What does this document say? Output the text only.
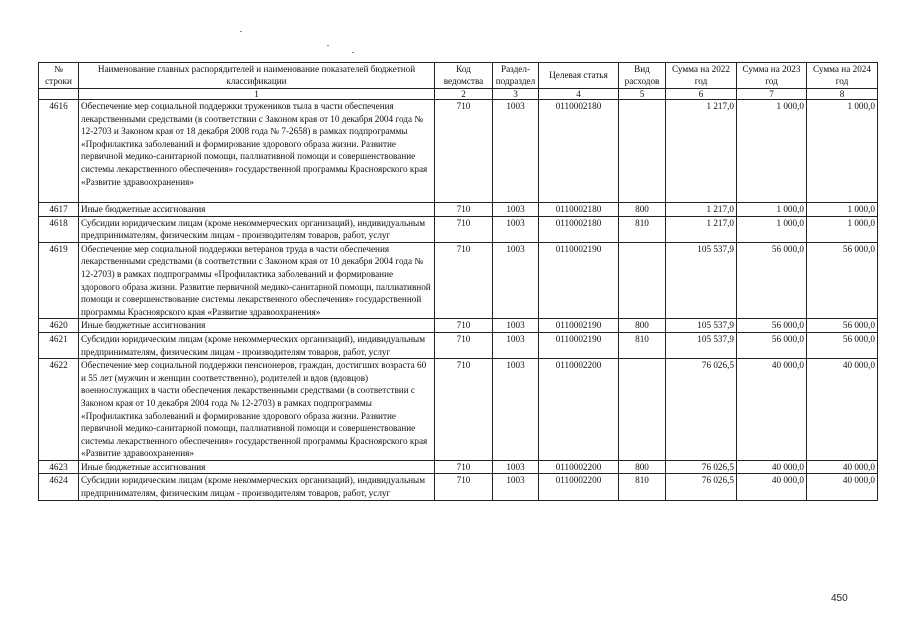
№ строки	Наименование главных распорядителей и наименование показателей бюджетной классификации	Код ведомства	Раздел-подраздел	Целевая статья	Вид расходов	Сумма на 2022 год	Сумма на 2023 год	Сумма на 2024 год
	1	2	3	4	5	6	7	8
4616	Обеспечение мер социальной поддержки тружеников тыла в части обеспечения лекарственными средствами (в соответствии с Законом края от 10 декабря 2004 года № 12-2703 и Законом края от 18 декабря 2008 года № 7-2658) в рамках подпрограммы «Профилактика заболеваний и формирование здорового образа жизни. Развитие первичной медико-санитарной помощи, паллиативной помощи и совершенствование системы лекарственного обеспечения» государственной программы Красноярского края «Развитие здравоохранения»	710	1003	0110002180		1 217,0	1 000,0	1 000,0
4617	Иные бюджетные ассигнования	710	1003	0110002180	800	1 217,0	1 000,0	1 000,0
4618	Субсидии юридическим лицам (кроме некоммерческих организаций), индивидуальным предпринимателям, физическим лицам - производителям товаров, работ, услуг	710	1003	0110002180	810	1 217,0	1 000,0	1 000,0
4619	Обеспечение мер социальной поддержки ветеранов труда в части обеспечения лекарственными средствами (в соответствии с Законом края от 10 декабря 2004 года № 12-2703) в рамках подпрограммы «Профилактика заболеваний и формирование здорового образа жизни. Развитие первичной медико-санитарной помощи, паллиативной помощи и совершенствование системы лекарственного обеспечения» государственной программы Красноярского края «Развитие здравоохранения»	710	1003	0110002190		105 537,9	56 000,0	56 000,0
4620	Иные бюджетные ассигнования	710	1003	0110002190	800	105 537,9	56 000,0	56 000,0
4621	Субсидии юридическим лицам (кроме некоммерческих организаций), индивидуальным предпринимателям, физическим лицам - производителям товаров, работ, услуг	710	1003	0110002190	810	105 537,9	56 000,0	56 000,0
4622	Обеспечение мер социальной поддержки пенсионеров, граждан, достигших возраста 60 и 55 лет (мужчин и женщин соответственно), родителей и вдов (вдовцов) военнослужащих в части обеспечения лекарственными средствами (в соответствии с Законом края от 10 декабря 2004 года № 12-2703) в рамках подпрограммы «Профилактика заболеваний и формирование здорового образа жизни. Развитие первичной медико-санитарной помощи, паллиативной помощи и совершенствование системы лекарственного обеспечения» государственной программы Красноярского края «Развитие здравоохранения»	710	1003	0110002200		76 026,5	40 000,0	40 000,0
4623	Иные бюджетные ассигнования	710	1003	0110002200	800	76 026,5	40 000,0	40 000,0
4624	Субсидии юридическим лицам (кроме некоммерческих организаций), индивидуальным предпринимателям, физическим лицам - производителям товаров, работ, услуг	710	1003	0110002200	810	76 026,5	40 000,0	40 000,0
450
